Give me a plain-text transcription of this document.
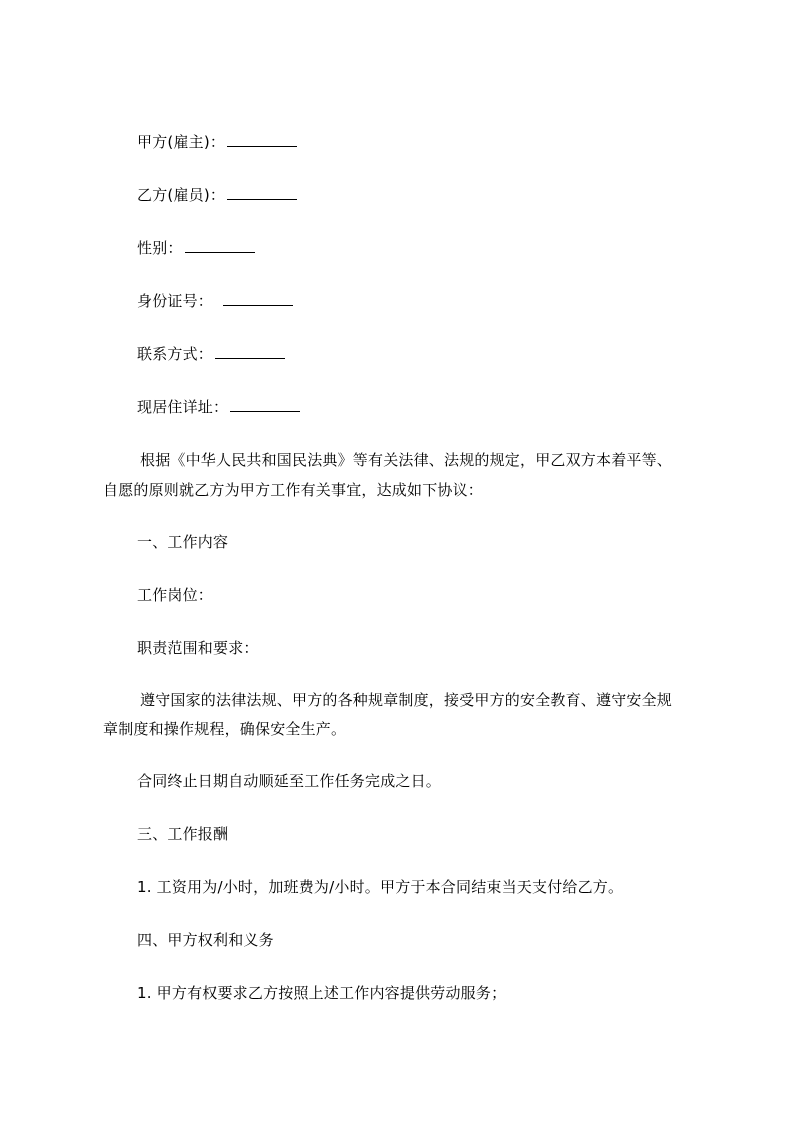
甲方(雇主)：
乙方(雇员)：
性别：
身份证号：
联系方式：
现居住详址：
根据《中华人民共和国民法典》等有关法律、法规的规定，甲乙双方本着平等、
自愿的原则就乙方为甲方工作有关事宜，达成如下协议：
一、工作内容
工作岗位：
职责范围和要求：
遵守国家的法律法规、甲方的各种规章制度，接受甲方的安全教育、遵守安全规
章制度和操作规程，确保安全生产。
合同终止日期自动顺延至工作任务完成之日。
三、工作报酬
1. 工资用为/小时，加班费为/小时。甲方于本合同结束当天支付给乙方。
四、甲方权利和义务
1. 甲方有权要求乙方按照上述工作内容提供劳动服务；
